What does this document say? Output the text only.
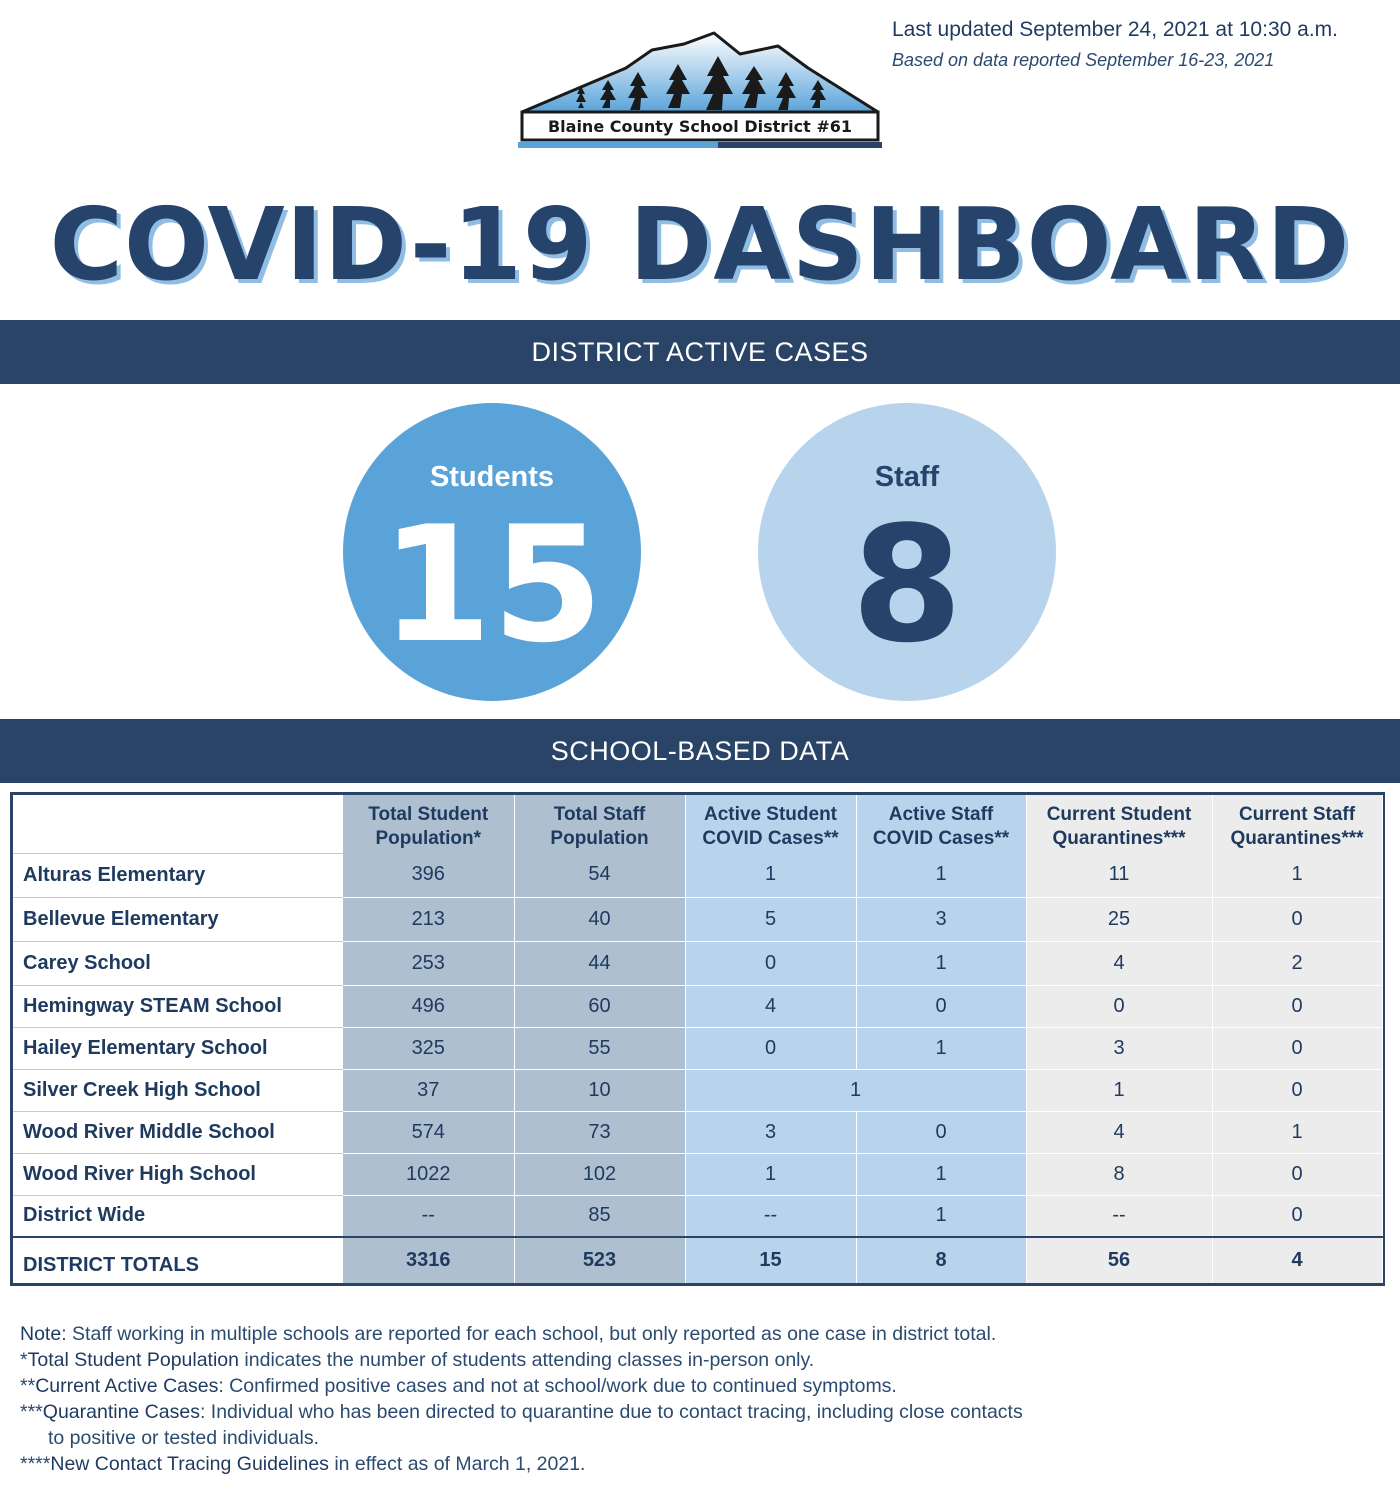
Last updated September 24, 2021 at 10:30 a.m.
Based on data reported September 16-23, 2021
Blaine County School District #61
COVID-19 DASHBOARD
DISTRICT ACTIVE CASES
Students
15
Staff
8
SCHOOL-BASED DATA
	Total Student
Population*	Total Staff
Population	Active Student
COVID Cases**	Active Staff
COVID Cases**	Current Student
Quarantines***	Current Staff
Quarantines***
Alturas Elementary	396	54	1	1	11	1
Bellevue Elementary	213	40	5	3	25	0
Carey School	253	44	0	1	4	2
Hemingway STEAM School	496	60	4	0	0	0
Hailey Elementary School	325	55	0	1	3	0
Silver Creek High School	37	10	1		1	0
Wood River Middle School	574	73	3	0	4	1
Wood River High School	1022	102	1	1	8	0
District Wide	--	85	--	1	--	0
DISTRICT TOTALS	3316	523	15	8	56	4
Note: Staff working in multiple schools are reported for each school, but only reported as one case in district total.
*Total Student Population indicates the number of students attending classes in-person only.
**Current Active Cases: Confirmed positive cases and not at school/work due to continued symptoms.
***Quarantine Cases: Individual who has been directed to quarantine due to contact tracing, including close contacts
to positive or tested individuals.
****New Contact Tracing Guidelines in effect as of March 1, 2021.
